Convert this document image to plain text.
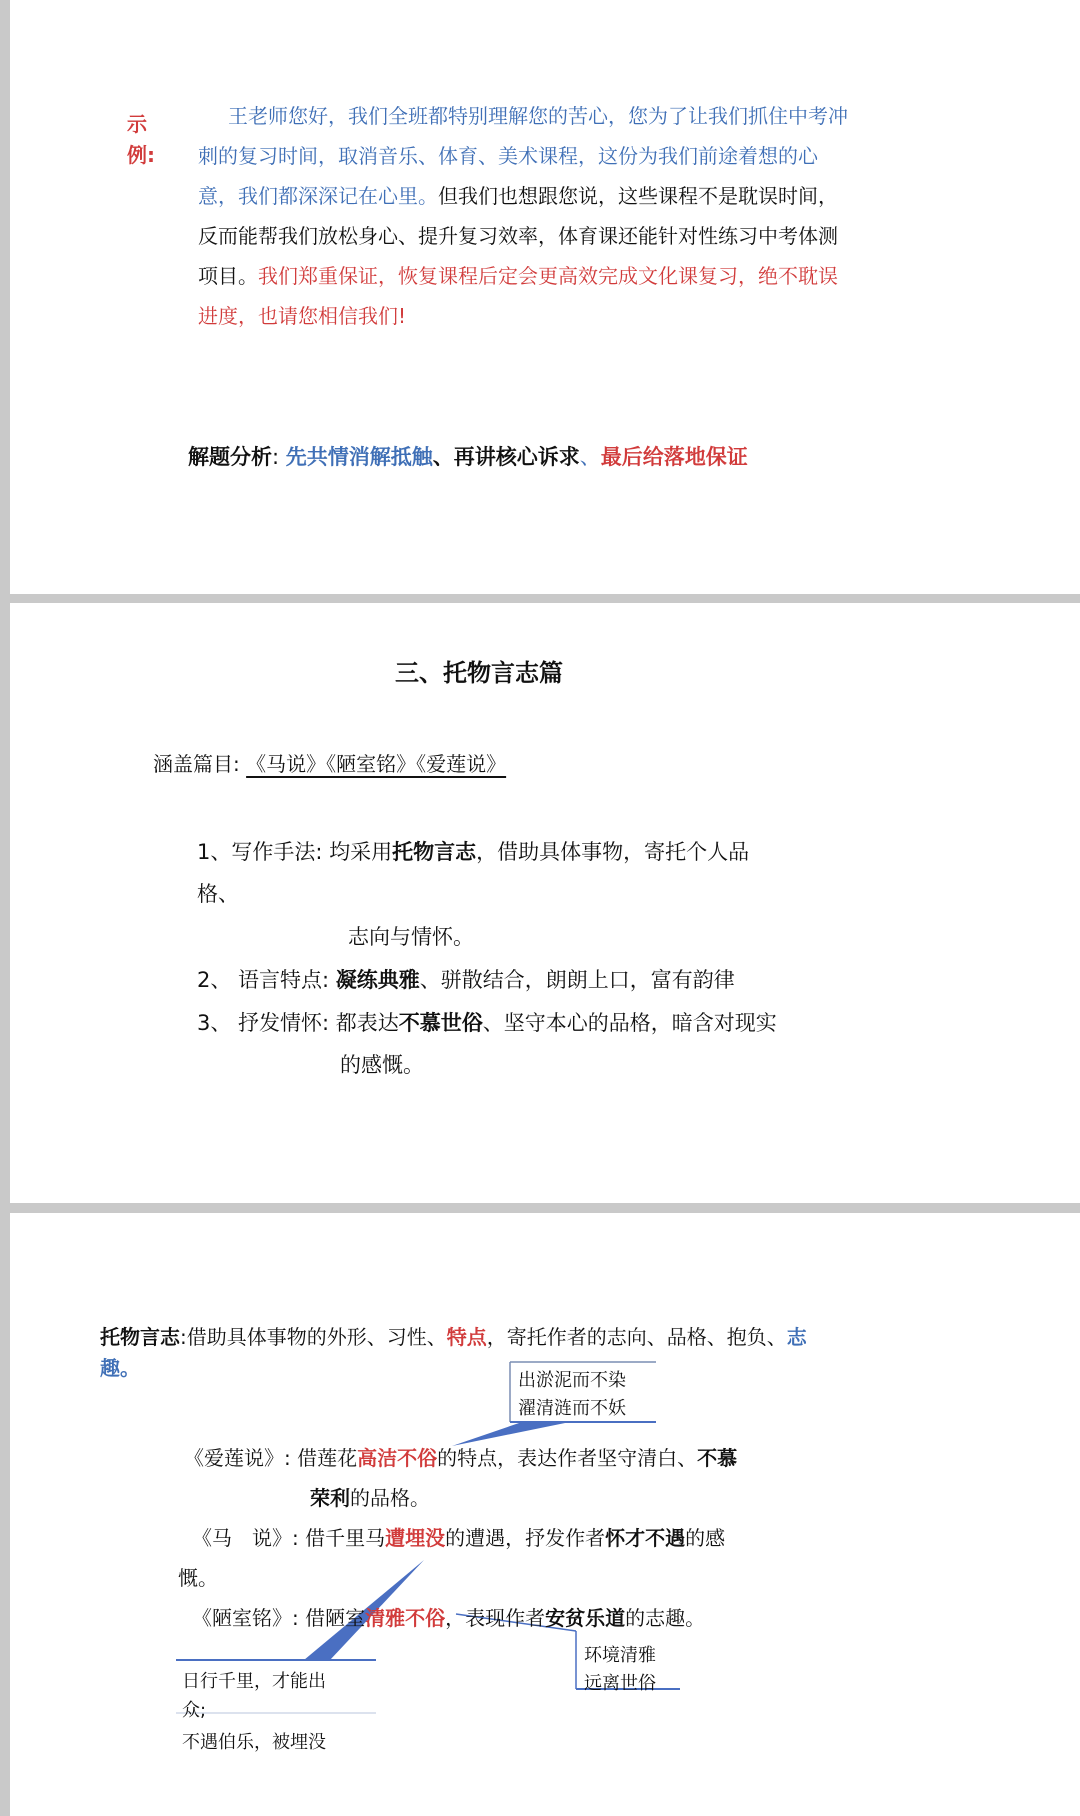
示
例:
王老师您好，我们全班都特别理解您的苦心，您为了让我们抓住中考冲
刺的复习时间，取消音乐、体育、美术课程，这份为我们前途着想的心
意，我们都深深记在心里。但我们也想跟您说，这些课程不是耽误时间，
反而能帮我们放松身心、提升复习效率，体育课还能针对性练习中考体测
项目。我们郑重保证，恢复课程后定会更高效完成文化课复习，绝不耽误
进度，也请您相信我们!
解题分析: 先共情消解抵触、再讲核心诉求、最后给落地保证
三、托物言志篇
涵盖篇目: 《马说》《陋室铭》《爱莲说》
1、写作手法: 均采用托物言志，借助具体事物，寄托个人品
格、
志向与情怀。
2、 语言特点: 凝练典雅、骈散结合，朗朗上口，富有韵律
3、 抒发情怀: 都表达不慕世俗、坚守本心的品格，暗含对现实
的感慨。
托物言志:借助具体事物的外形、习性、特点，寄托作者的志向、品格、抱负、志
趣。
出淤泥而不染
濯清涟而不妖
《爱莲说》: 借莲花高洁不俗的特点，表达作者坚守清白、不慕
荣利的品格。
《马　说》: 借千里马遭埋没的遭遇，抒发作者怀才不遇的感
慨。
《陋室铭》: 借陋室清雅不俗，表现作者安贫乐道的志趣。
环境清雅
远离世俗
日行千里，才能出
众;
不遇伯乐，被埋没
